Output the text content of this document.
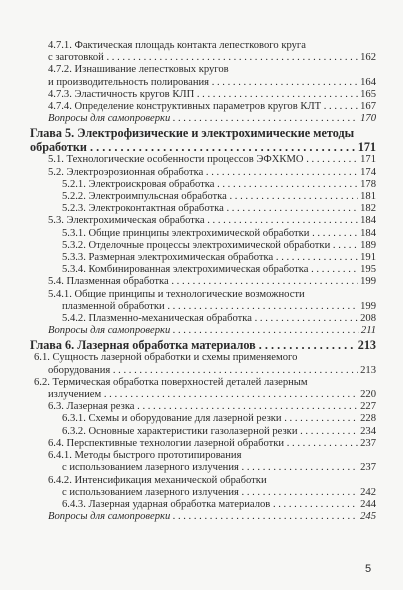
4.7.1. Фактическая площадь контакта лепесткового круга
с заготовкой . . .	162
4.7.2. Изнашивание лепестковых кругов
и производительность полирования . . .	164
4.7.3. Эластичность кругов КЛП . . .	165
4.7.4. Определение конструктивных параметров кругов КЛТ . . .	167
Вопросы для самопроверки . . .	170
Глава 5. Электрофизические и электрохимические методы
обработки . . .	171
5.1. Технологические особенности процессов ЭФХКМО . . .	171
5.2. Электроэрозионная обработка . . .	174
5.2.1. Электроискровая обработка . . .	178
5.2.2. Электроимпульсная обработка . . .	181
5.2.3. Электроконтактная обработка . . .	182
5.3. Электрохимическая обработка . . .	184
5.3.1. Общие принципы электрохимической обработки . . .	184
5.3.2. Отделочные процессы электрохимической обработки . . .	189
5.3.3. Размерная электрохимическая обработка . . .	191
5.3.4. Комбинированная электрохимическая обработка . . .	195
5.4. Плазменная обработка . . .	199
5.4.1. Общие принципы и технологические возможности
плазменной обработки . . .	199
5.4.2. Плазменно-механическая обработка . . .	208
Вопросы для самопроверки . . .	211
Глава 6. Лазерная обработка материалов . . .	213
6.1. Сущность лазерной обработки и схемы применяемого
оборудования . . .	213
6.2. Термическая обработка поверхностей деталей лазерным
излучением . . .	220
6.3. Лазерная резка . . .	227
6.3.1. Схемы и оборудование для лазерной резки . . .	228
6.3.2. Основные характеристики газолазерной резки . . .	234
6.4. Перспективные технологии лазерной обработки . . .	237
6.4.1. Методы быстрого прототипирования
с использованием лазерного излучения . . .	237
6.4.2. Интенсификация механической обработки
с использованием лазерного излучения . . .	242
6.4.3. Лазерная ударная обработка материалов . . .	244
Вопросы для самопроверки . . .	245
5
